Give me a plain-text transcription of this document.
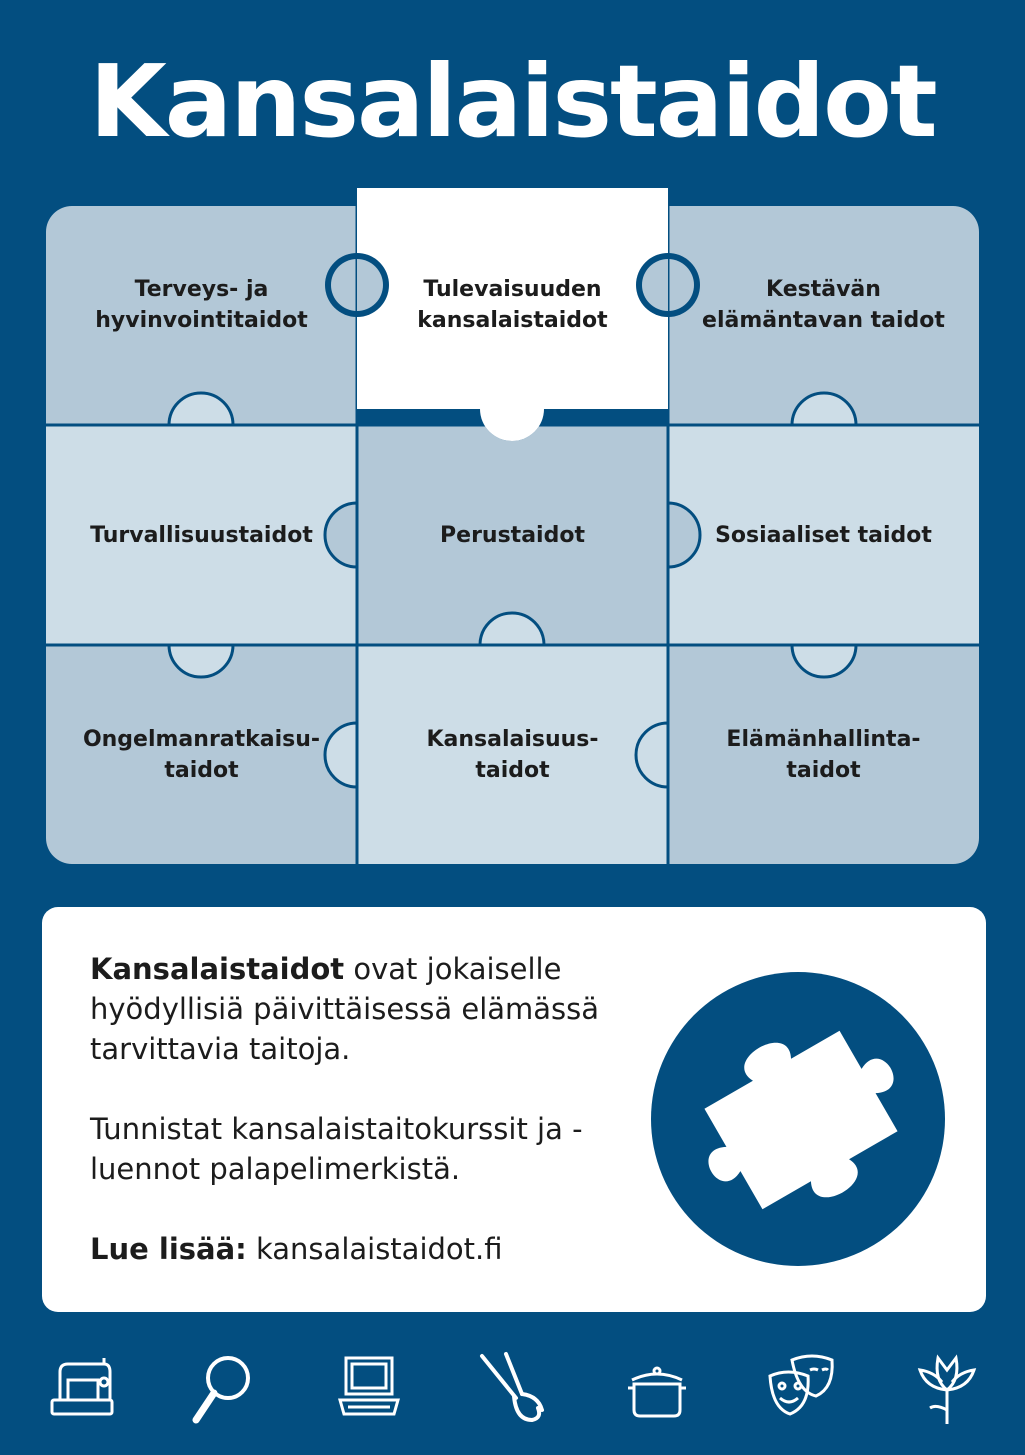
Kansalaistaidot
Terveys- ja
hyvinvointitaidot
Tulevaisuuden
kansalaistaidot
Kestävän
elämäntavan taidot
Turvallisuustaidot	Perustaidot	Sosiaaliset taidot
Ongelmanratkaisu-
taidot
Kansalaisuus-
taidot
Elämänhallinta-
taidot

Kansalaistaidot ovat jokaiselle hyödyllisiä päivittäisessä elämässä tarvittavia taitoja.

Tunnistat kansalaistaitokurssit ja -luennot palapelimerkistä.

Lue lisää: kansalaistaidot.fi
